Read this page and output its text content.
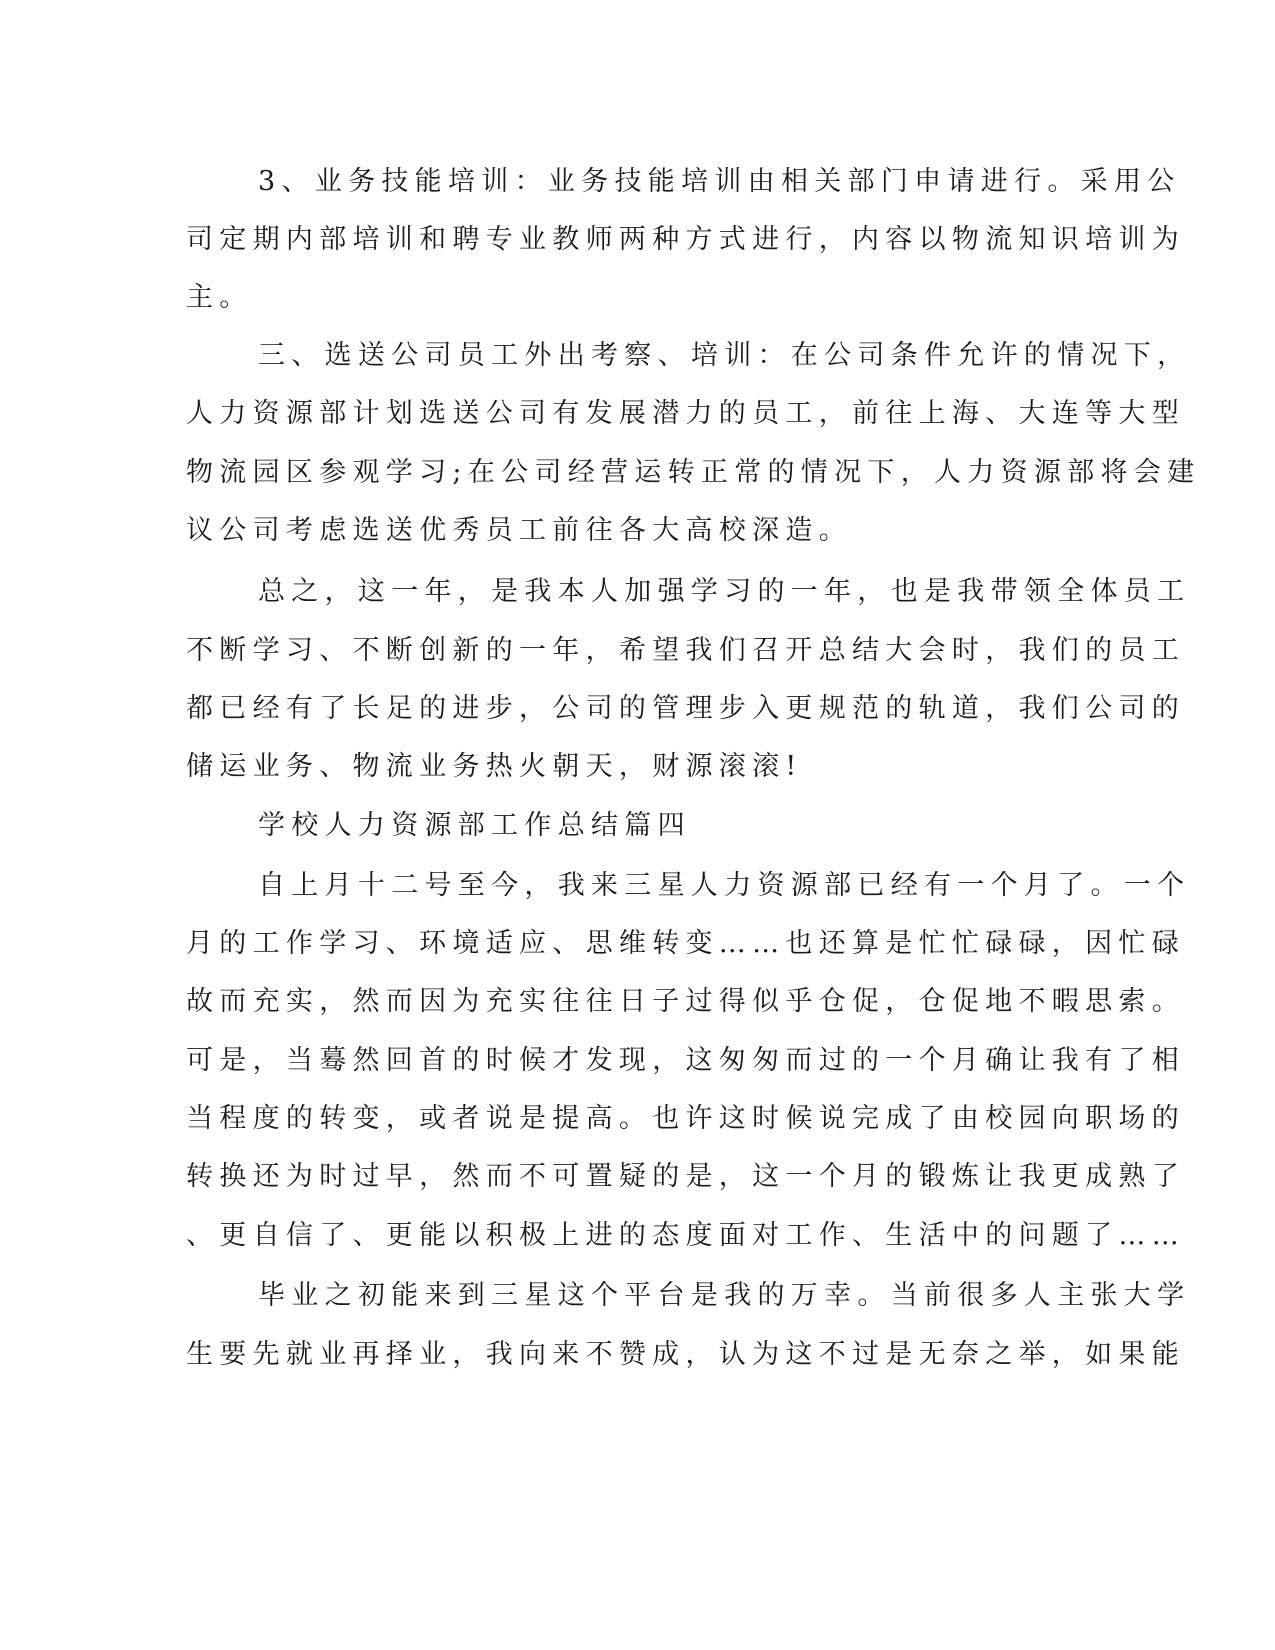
3、业务技能培训：业务技能培训由相关部门申请进行。采用公
司定期内部培训和聘专业教师两种方式进行，内容以物流知识培训为
主。
三、选送公司员工外出考察、培训：在公司条件允许的情况下，
人力资源部计划选送公司有发展潜力的员工，前往上海、大连等大型
物流园区参观学习;在公司经营运转正常的情况下，人力资源部将会建
议公司考虑选送优秀员工前往各大高校深造。
总之，这一年，是我本人加强学习的一年，也是我带领全体员工
不断学习、不断创新的一年，希望我们召开总结大会时，我们的员工
都已经有了长足的进步，公司的管理步入更规范的轨道，我们公司的
储运业务、物流业务热火朝天，财源滚滚!
学校人力资源部工作总结篇四
自上月十二号至今，我来三星人力资源部已经有一个月了。一个
月的工作学习、环境适应、思维转变……也还算是忙忙碌碌，因忙碌
故而充实，然而因为充实往往日子过得似乎仓促，仓促地不暇思索。
可是，当蓦然回首的时候才发现，这匆匆而过的一个月确让我有了相
当程度的转变，或者说是提高。也许这时候说完成了由校园向职场的
转换还为时过早，然而不可置疑的是，这一个月的锻炼让我更成熟了
、更自信了、更能以积极上进的态度面对工作、生活中的问题了……
毕业之初能来到三星这个平台是我的万幸。当前很多人主张大学
生要先就业再择业，我向来不赞成，认为这不过是无奈之举，如果能
